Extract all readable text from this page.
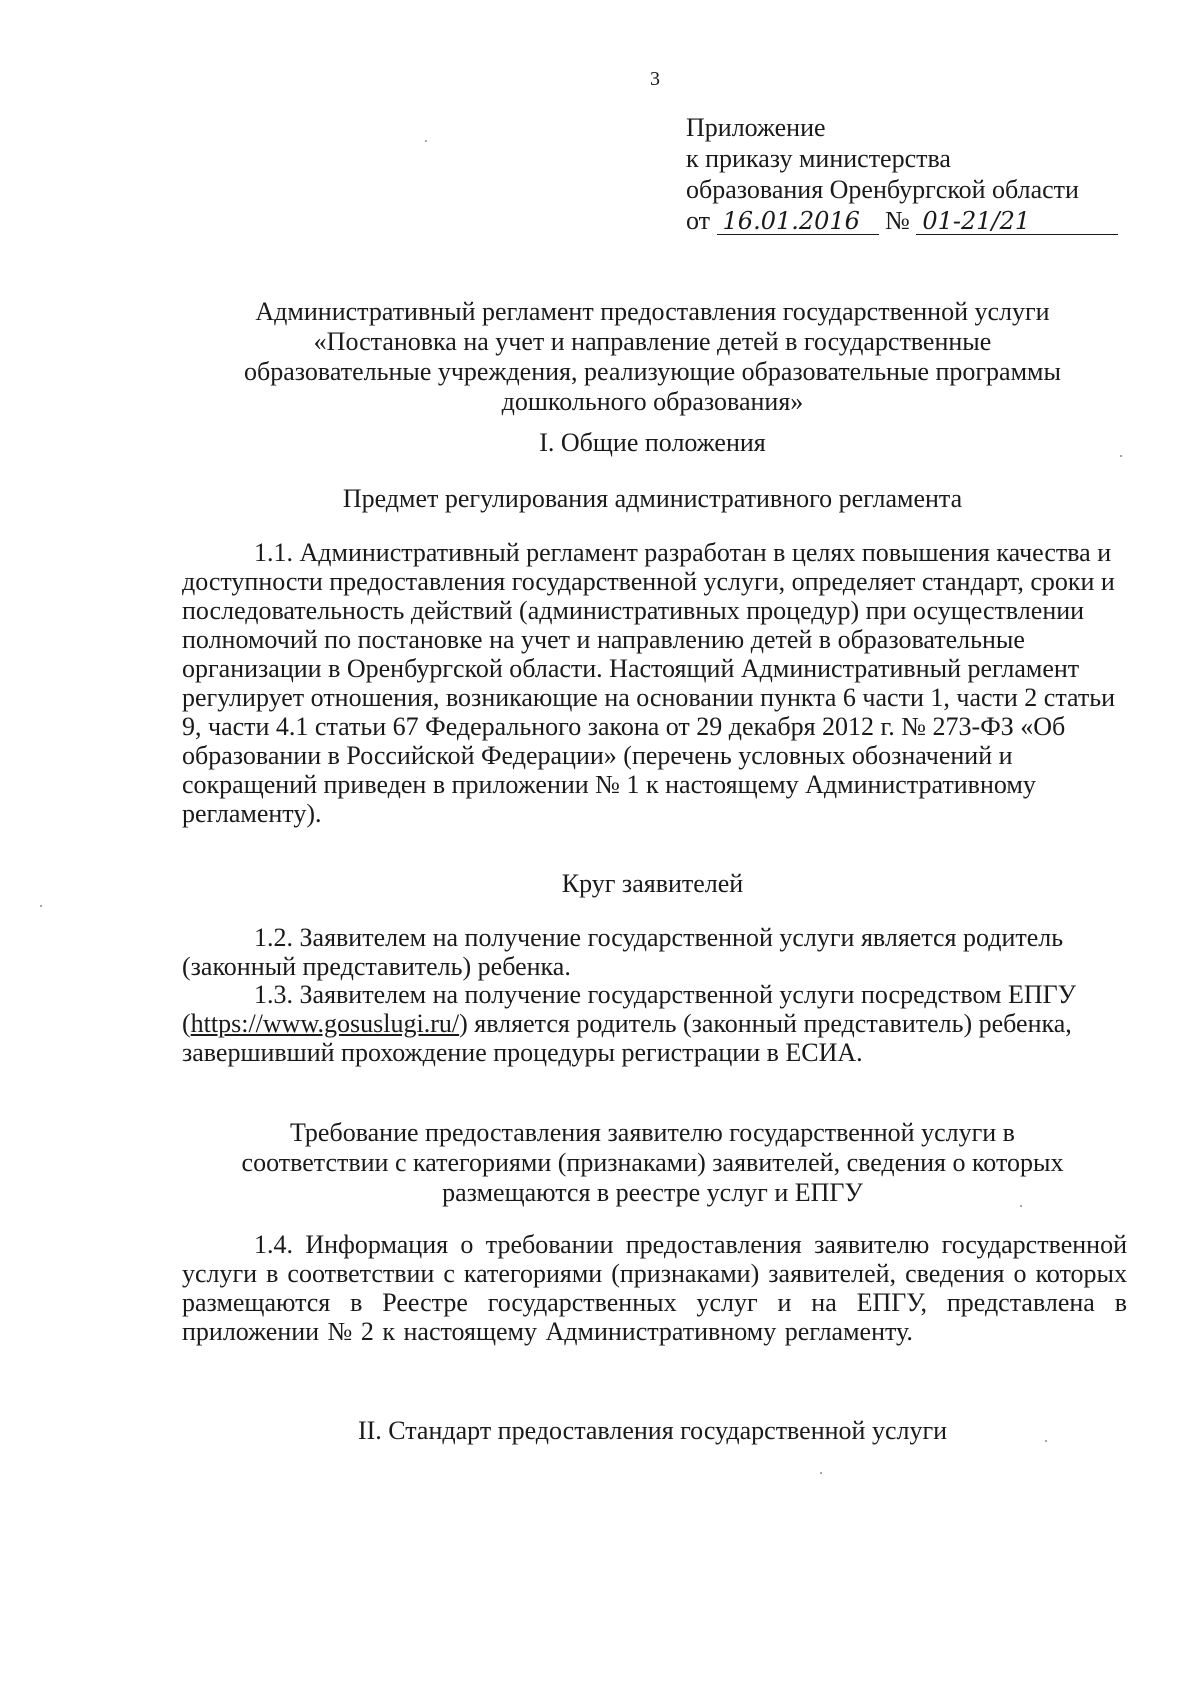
3
Приложение
к приказу министерства
образования Оренбургской области
от 16.01.2016 № 01-21/21
Административный регламент предоставления государственной услуги
«Постановка на учет и направление детей в государственные
образовательные учреждения, реализующие образовательные программы
дошкольного образования»
I. Общие положения
Предмет регулирования административного регламента
1.1. Административный регламент разработан в целях повышения качества и доступности предоставления государственной услуги, определяет стандарт, сроки и последовательность действий (административных процедур) при осуществлении полномочий по постановке на учет и направлению детей в образовательные организации в Оренбургской области. Настоящий Административный регламент регулирует отношения, возникающие на основании пункта 6 части 1, части 2 статьи 9, части 4.1 статьи 67 Федерального закона от 29 декабря 2012 г. № 273-ФЗ «Об образовании в Российской Федерации» (перечень условных обозначений и сокращений приведен в приложении № 1 к настоящему Административному регламенту).
Круг заявителей
1.2. Заявителем на получение государственной услуги является родитель (законный представитель) ребенка.
1.3. Заявителем на получение государственной услуги посредством ЕПГУ (https://www.gosuslugi.ru/) является родитель (законный представитель) ребенка, завершивший прохождение процедуры регистрации в ЕСИА.
Требование предоставления заявителю государственной услуги в
соответствии с категориями (признаками) заявителей, сведения о которых
размещаются в реестре услуг и ЕПГУ
1.4. Информация о требовании предоставления заявителю государственной услуги в соответствии с категориями (признаками) заявителей, сведения о которых размещаются в Реестре государственных услуг и на ЕПГУ, представлена в приложении № 2 к настоящему Административному регламенту.
II. Стандарт предоставления государственной услуги
